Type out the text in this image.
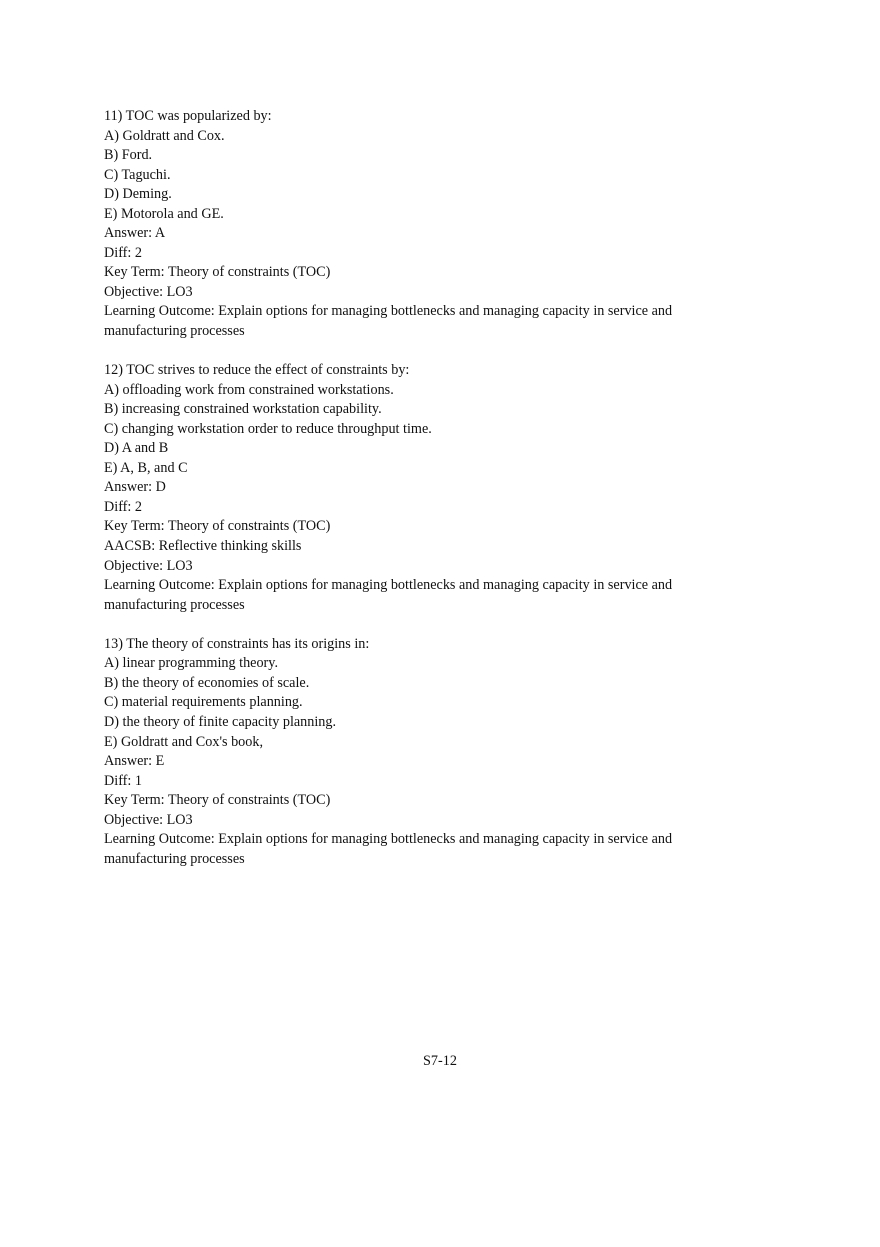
11) TOC was popularized by:
A) Goldratt and Cox.
B) Ford.
C) Taguchi.
D) Deming.
E) Motorola and GE.
Answer: A
Diff: 2
Key Term: Theory of constraints (TOC)
Objective: LO3
Learning Outcome: Explain options for managing bottlenecks and managing capacity in service and manufacturing processes
12) TOC strives to reduce the effect of constraints by:
A) offloading work from constrained workstations.
B) increasing constrained workstation capability.
C) changing workstation order to reduce throughput time.
D) A and B
E) A, B, and C
Answer: D
Diff: 2
Key Term: Theory of constraints (TOC)
AACSB: Reflective thinking skills
Objective: LO3
Learning Outcome: Explain options for managing bottlenecks and managing capacity in service and manufacturing processes
13) The theory of constraints has its origins in:
A) linear programming theory.
B) the theory of economies of scale.
C) material requirements planning.
D) the theory of finite capacity planning.
E) Goldratt and Cox's book,
Answer: E
Diff: 1
Key Term: Theory of constraints (TOC)
Objective: LO3
Learning Outcome: Explain options for managing bottlenecks and managing capacity in service and manufacturing processes
S7-12
